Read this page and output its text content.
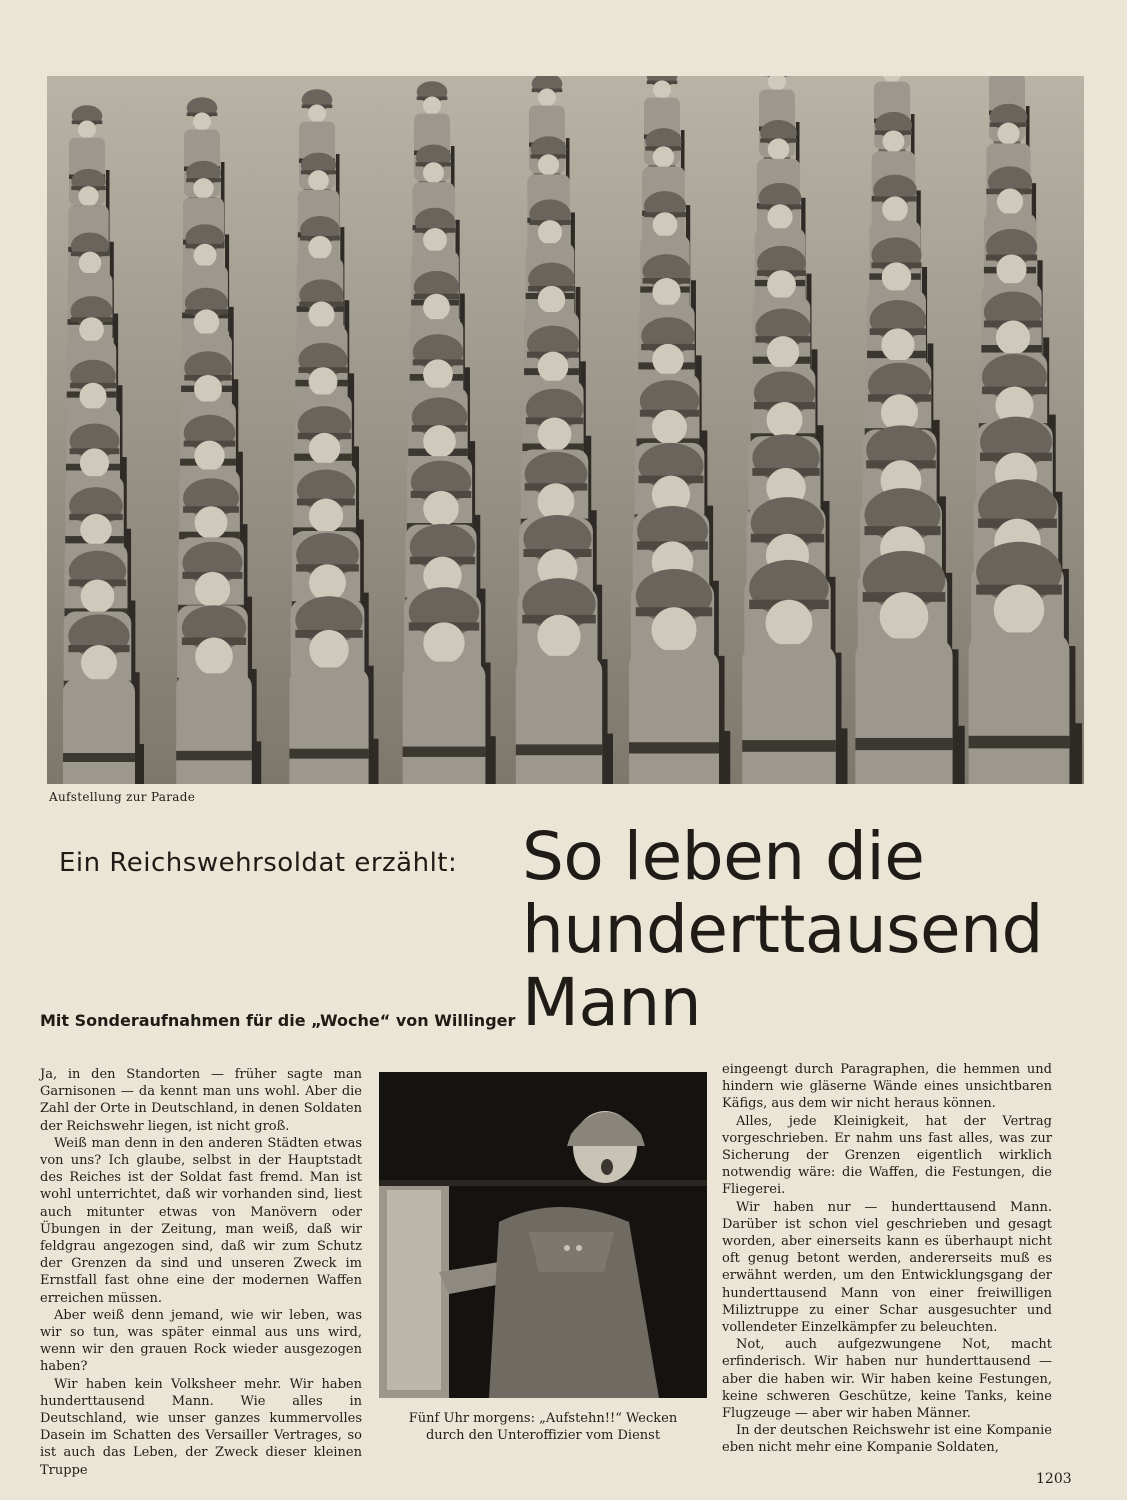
Aufstellung zur Parade
Ein Reichswehrsoldat erzählt: So leben die
hunderttausend
Mann
Mit Sonderaufnahmen für die „Woche“ von Willinger

Ja, in den Standorten — früher sagte man Garnisonen — da kennt man uns wohl. Aber die Zahl der Orte in Deutschland, in denen Soldaten der Reichswehr liegen, ist nicht groß.

Weiß man denn in den anderen Städten etwas von uns? Ich glaube, selbst in der Hauptstadt des Reiches ist der Soldat fast fremd. Man ist wohl unterrichtet, daß wir vorhanden sind, liest auch mitunter etwas von Manövern oder Übungen in der Zeitung, man weiß, daß wir feldgrau angezogen sind, daß wir zum Schutz der Grenzen da sind und unseren Zweck im Ernstfall fast ohne eine der modernen Waffen erreichen müssen.

Aber weiß denn jemand, wie wir leben, was wir so tun, was später einmal aus uns wird, wenn wir den grauen Rock wieder ausgezogen haben?

Wir haben kein Volksheer mehr. Wir haben hunderttausend Mann. Wie alles in Deutschland, wie unser ganzes kummervolles Dasein im Schatten des Versailler Vertrages, so ist auch das Leben, der Zweck dieser kleinen Truppe

Fünf Uhr morgens: „Aufstehn!!“ Wecken
durch den Unteroffizier vom Dienst

eingeengt durch Paragraphen, die hemmen und hindern wie gläserne Wände eines unsichtbaren Käfigs, aus dem wir nicht heraus können.

Alles, jede Kleinigkeit, hat der Vertrag vorgeschrieben. Er nahm uns fast alles, was zur Sicherung der Grenzen eigentlich wirklich notwendig wäre: die Waffen, die Festungen, die Fliegerei.

Wir haben nur — hunderttausend Mann. Darüber ist schon viel geschrieben und gesagt worden, aber einerseits kann es überhaupt nicht oft genug betont werden, andererseits muß es erwähnt werden, um den Entwicklungsgang der hunderttausend Mann von einer freiwilligen Miliztruppe zu einer Schar ausgesuchter und vollendeter Einzelkämpfer zu beleuchten.

Not, auch aufgezwungene Not, macht erfinderisch. Wir haben nur hunderttausend — aber die haben wir. Wir haben keine Festungen, keine schweren Geschütze, keine Tanks, keine Flugzeuge — aber wir haben Männer.

In der deutschen Reichswehr ist eine Kompanie eben nicht mehr eine Kompanie Soldaten,

1203
